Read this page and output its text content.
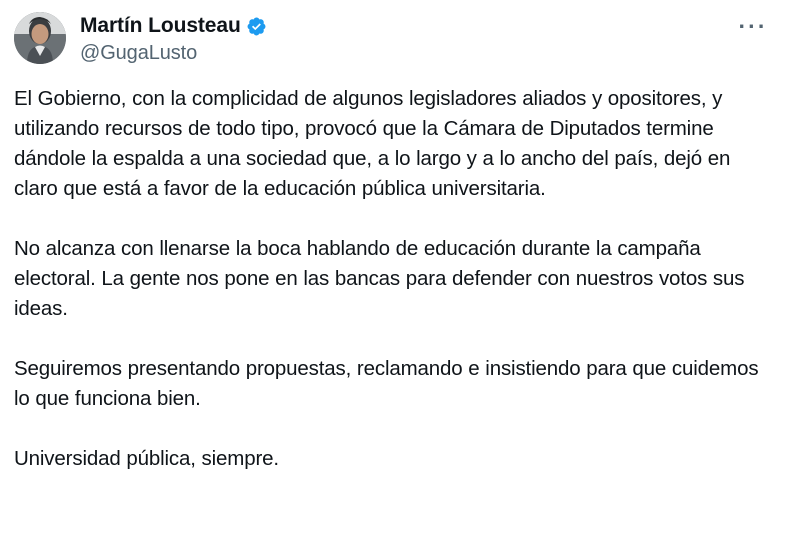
Martín Lousteau
@GugaLusto
···

El Gobierno, con la complicidad de algunos legisladores aliados y opositores, y utilizando recursos de todo tipo, provocó que la Cámara de Diputados termine dándole la espalda a una sociedad que, a lo largo y a lo ancho del país, dejó en claro que está a favor de la educación pública universitaria.

No alcanza con llenarse la boca hablando de educación durante la campaña electoral. La gente nos pone en las bancas para defender con nuestros votos sus ideas.

Seguiremos presentando propuestas, reclamando e insistiendo para que cuidemos lo que funciona bien.

Universidad pública, siempre.
